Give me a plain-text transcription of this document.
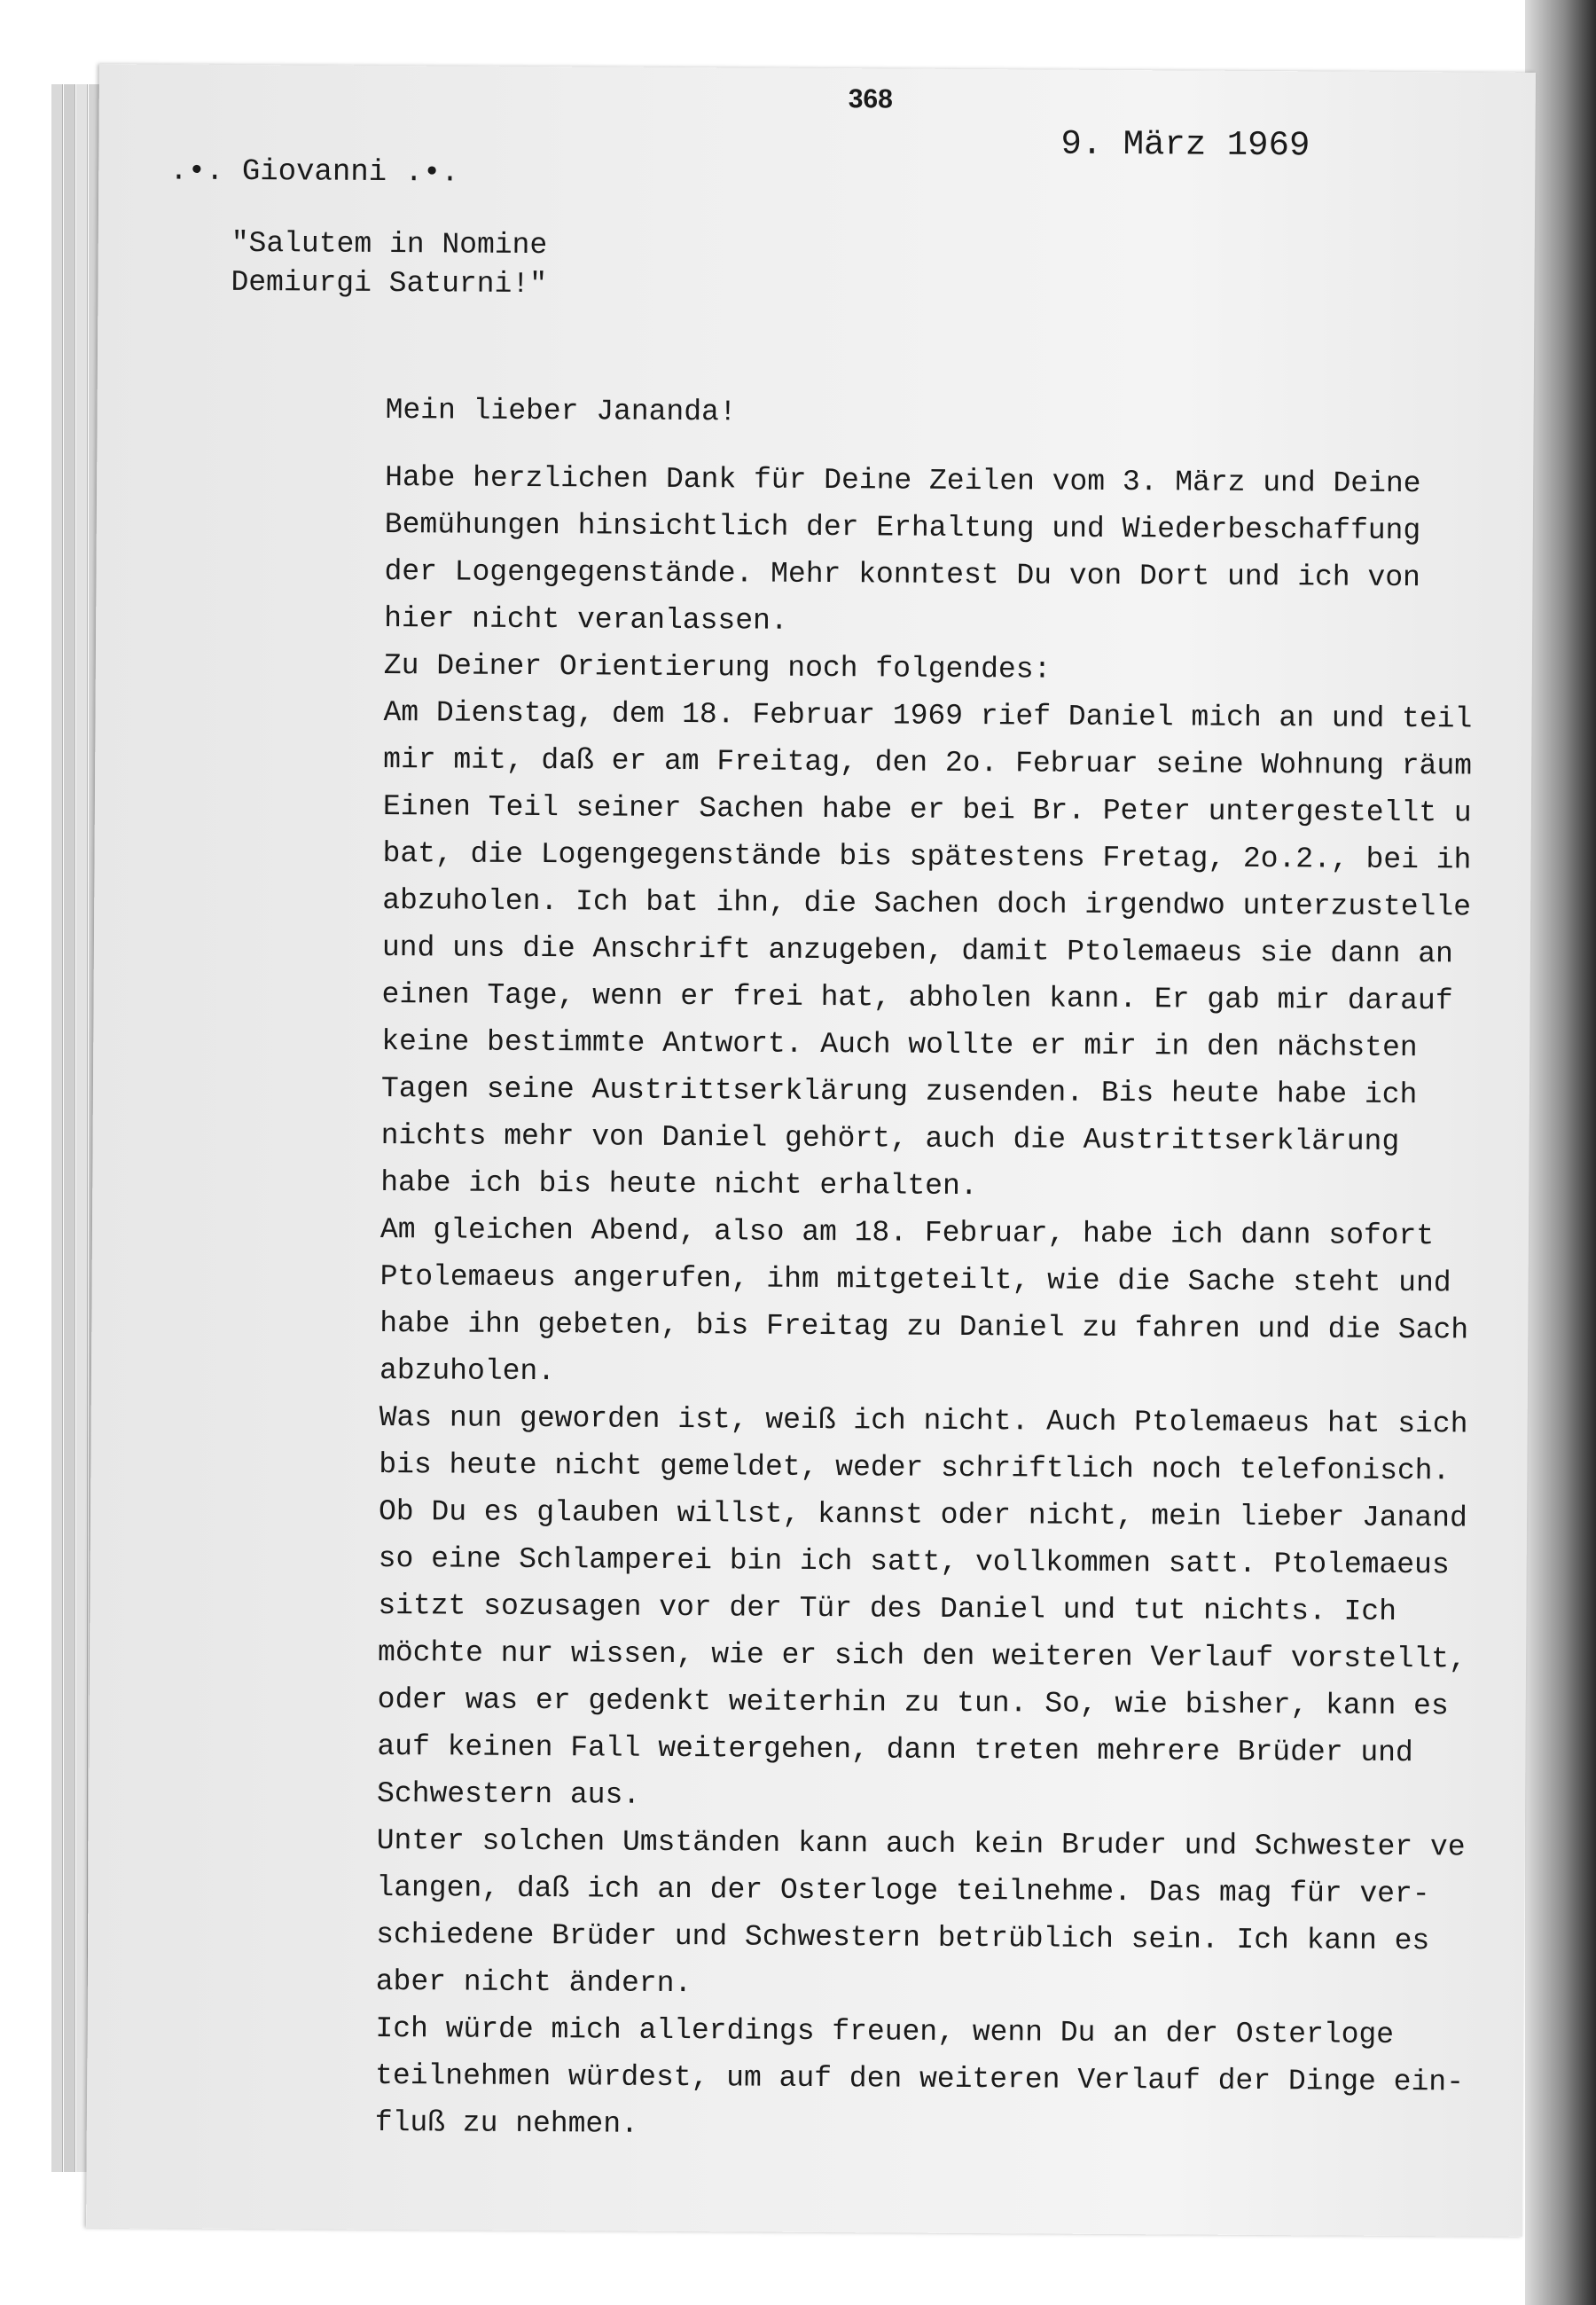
368
9. März 1969
.•. Giovanni .•.
"Salutem in Nomine
Demiurgi Saturni!"
Mein lieber Jananda!
Habe herzlichen Dank für Deine Zeilen vom 3. März und Deine
Bemühungen hinsichtlich der Erhaltung und Wiederbeschaffung
der Logengegenstände. Mehr konntest Du von Dort und ich von
hier nicht veranlassen.
Zu Deiner Orientierung noch folgendes:
Am Dienstag, dem 18. Februar 1969 rief Daniel mich an und teil
mir mit, daß er am Freitag, den 2o. Februar seine Wohnung räum
Einen Teil seiner Sachen habe er bei Br. Peter untergestellt u
bat, die Logengegenstände bis spätestens Fretag, 2o.2., bei ih
abzuholen. Ich bat ihn, die Sachen doch irgendwo unterzustelle
und uns die Anschrift anzugeben, damit Ptolemaeus sie dann an
einen Tage, wenn er frei hat, abholen kann. Er gab mir darauf
keine bestimmte Antwort. Auch wollte er mir in den nächsten
Tagen seine Austrittserklärung zusenden. Bis heute habe ich
nichts mehr von Daniel gehört, auch die Austrittserklärung
habe ich bis heute nicht erhalten.
Am gleichen Abend, also am 18. Februar, habe ich dann sofort
Ptolemaeus angerufen, ihm mitgeteilt, wie die Sache steht und
habe ihn gebeten, bis Freitag zu Daniel zu fahren und die Sach
abzuholen.
Was nun geworden ist, weiß ich nicht. Auch Ptolemaeus hat sich
bis heute nicht gemeldet, weder schriftlich noch telefonisch.
Ob Du es glauben willst, kannst oder nicht, mein lieber Janand
so eine Schlamperei bin ich satt, vollkommen satt. Ptolemaeus
sitzt sozusagen vor der Tür des Daniel und tut nichts. Ich
möchte nur wissen, wie er sich den weiteren Verlauf vorstellt,
oder was er gedenkt weiterhin zu tun. So, wie bisher, kann es
auf keinen Fall weitergehen, dann treten mehrere Brüder und
Schwestern aus.
Unter solchen Umständen kann auch kein Bruder und Schwester ve
langen, daß ich an der Osterloge teilnehme. Das mag für ver-
schiedene Brüder und Schwestern betrüblich sein. Ich kann es
aber nicht ändern.
Ich würde mich allerdings freuen, wenn Du an der Osterloge
teilnehmen würdest, um auf den weiteren Verlauf der Dinge ein-
fluß zu nehmen.
